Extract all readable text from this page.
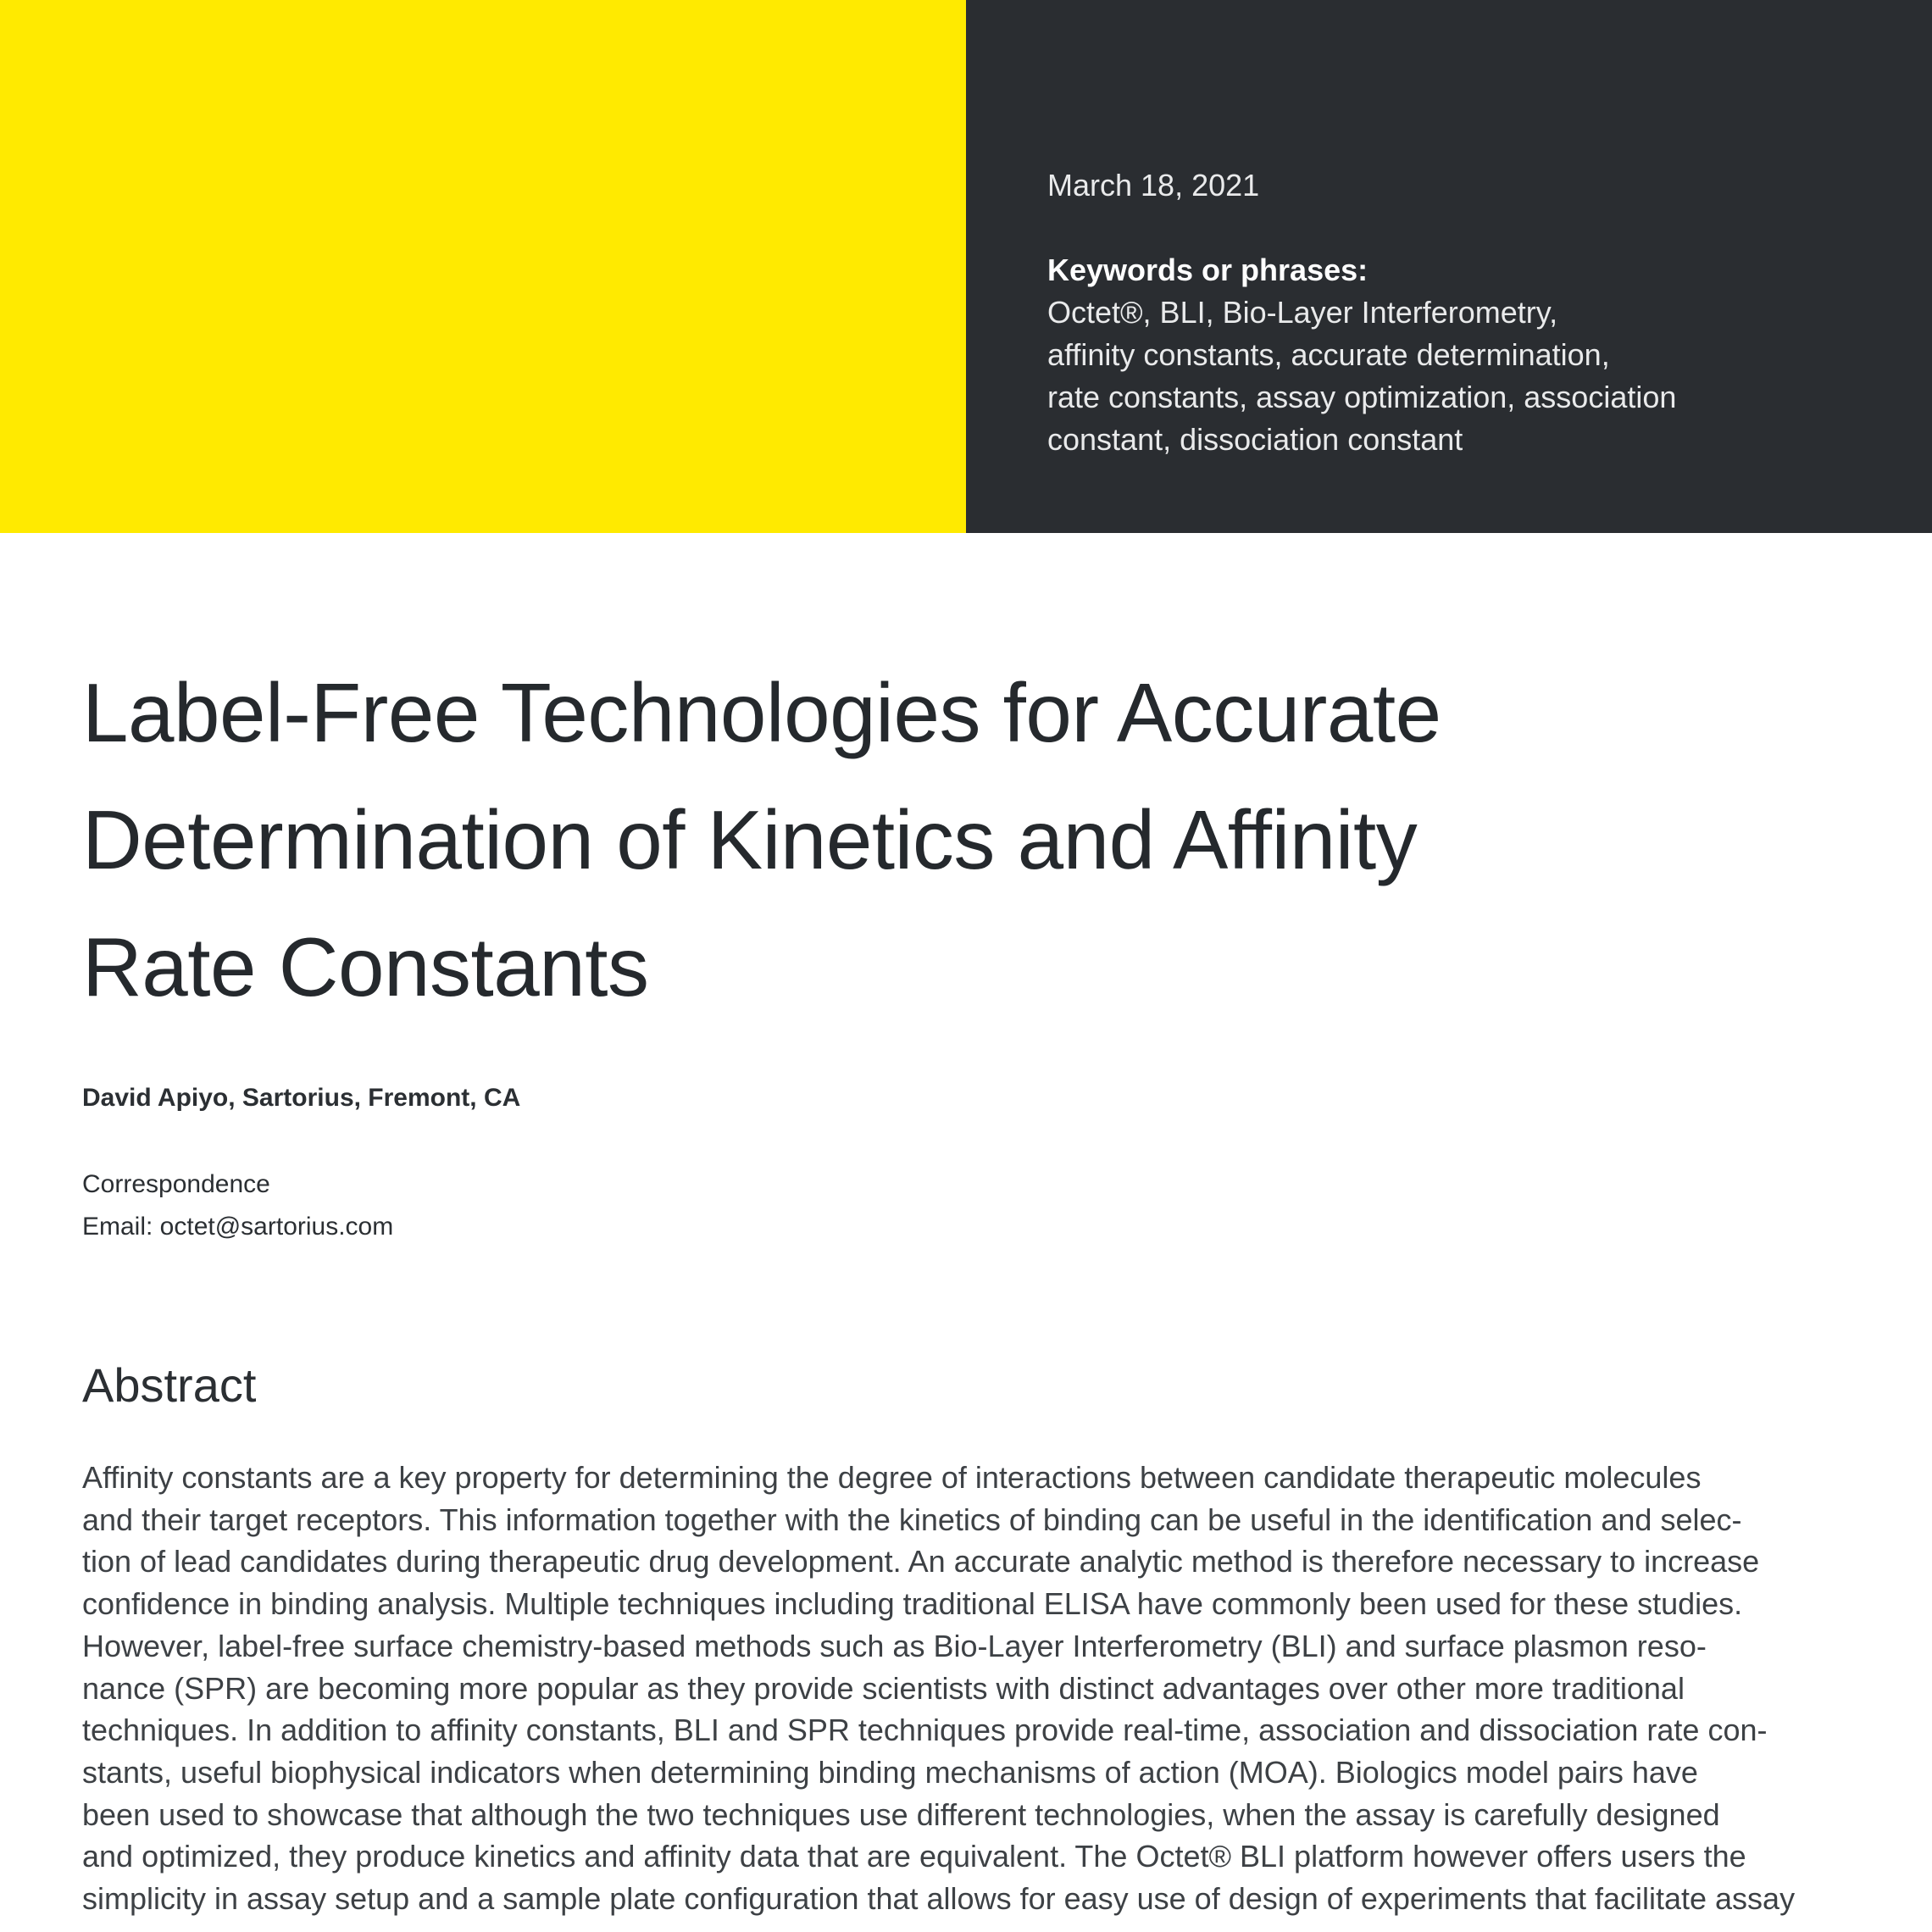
March 18, 2021

Keywords or phrases:

Octet®, BLI, Bio-Layer Interferometry,

affinity constants, accurate determination,

rate constants, assay optimization, association

constant, dissociation constant

Label-Free Technologies for Accurate
Determination of Kinetics and Affinity
Rate Constants

David Apiyo, Sartorius, Fremont, CA

Correspondence

Email: octet@sartorius.com

Abstract
Affinity constants are a key property for determining the degree of interactions between candidate therapeutic molecules
and their target receptors. This information together with the kinetics of binding can be useful in the identification and selec-
tion of lead candidates during therapeutic drug development. An accurate analytic method is therefore necessary to increase
confidence in binding analysis. Multiple techniques including traditional ELISA have commonly been used for these studies.
However, label-free surface chemistry-based methods such as Bio-Layer Interferometry (BLI) and surface plasmon reso-
nance (SPR) are becoming more popular as they provide scientists with distinct advantages over other more traditional
techniques. In addition to affinity constants, BLI and SPR techniques provide real-time, association and dissociation rate con-
stants, useful biophysical indicators when determining binding mechanisms of action (MOA). Biologics model pairs have
been used to showcase that although the two techniques use different technologies, when the assay is carefully designed
and optimized, they produce kinetics and affinity data that are equivalent. The Octet® BLI platform however offers users the
simplicity in assay setup and a sample plate configuration that allows for easy use of design of experiments that facilitate assay
